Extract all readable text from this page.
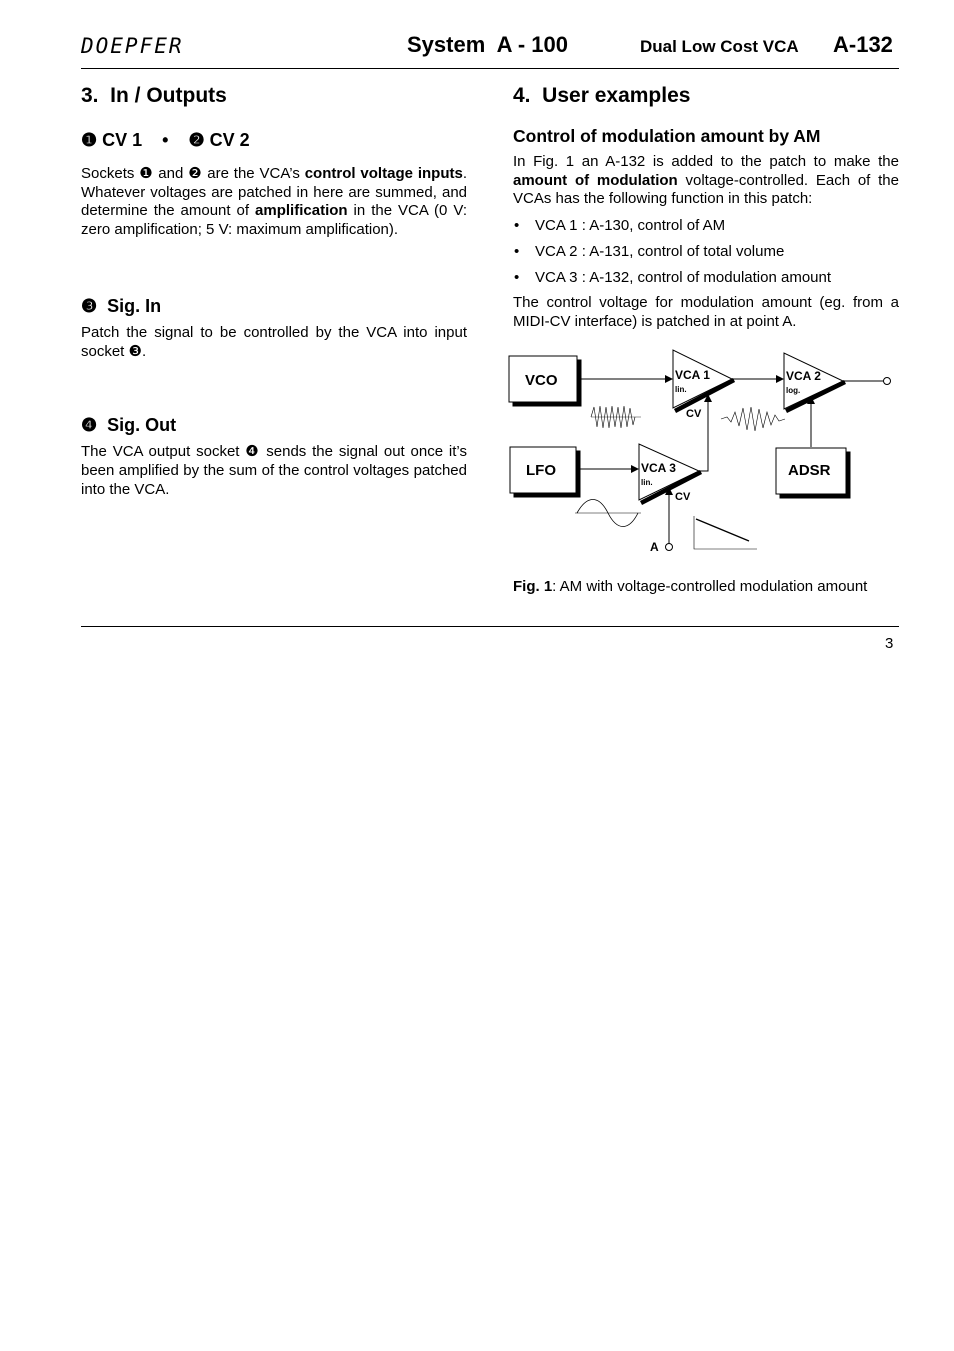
DOEPFER	System  A - 100	Dual Low Cost VCA A-132
3.  In / Outputs
❶ CV 1    •    ❷ CV 2

Sockets ❶ and ❷ are the VCA’s control voltage inputs. Whatever voltages are patched in here are summed, and determine the amount of amplification in the VCA (0 V: zero amplification; 5 V: maximum amplification).

❸  Sig. In

Patch the signal to be controlled by the VCA into input socket ❸.

❹  Sig. Out

The VCA output socket ❹ sends the signal out once it’s been amplified by the sum of the control voltages patched into the VCA.

4.  User examples
Control of modulation amount by AM

In Fig. 1 an A-132 is added to the patch to make the amount of modulation voltage-controlled. Each of the VCAs has the following function in this patch:

• VCA 1 : A-130, control of AM
• VCA 2 : A-131, control of total volume
• VCA 3 : A-132, control of modulation amount

The control voltage for modulation amount (eg. from a MIDI-CV interface) is patched in at point A.

VCO
LFO	ADSR
VCA 1
lin.
VCA 2
log.
VCA 3
lin.
CV
CV
A
Fig. 1: AM with voltage-controlled modulation amount
3
